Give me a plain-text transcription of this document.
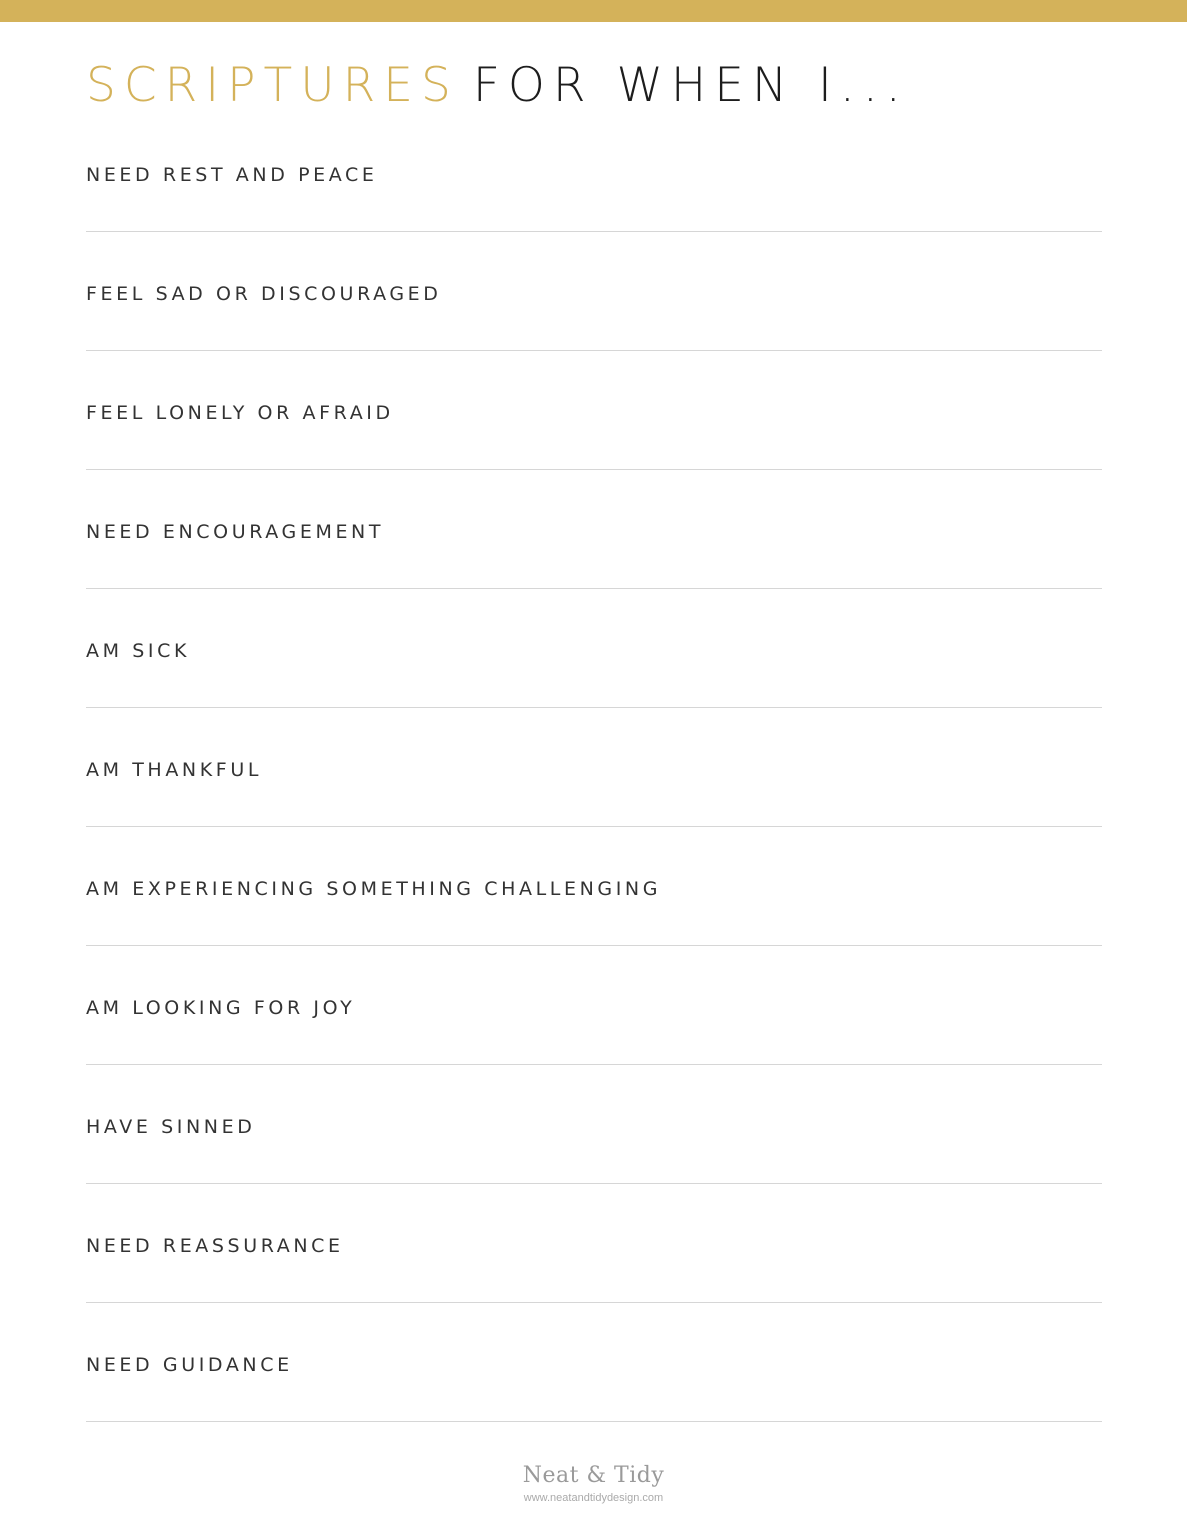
SCRIPTURES FOR WHEN I...
NEED REST AND PEACE
FEEL SAD OR DISCOURAGED
FEEL LONELY OR AFRAID
NEED ENCOURAGEMENT
AM SICK
AM THANKFUL
AM EXPERIENCING SOMETHING CHALLENGING
AM LOOKING FOR JOY
HAVE SINNED
NEED REASSURANCE
NEED GUIDANCE
Neat & Tidy
www.neatandtidydesign.com
